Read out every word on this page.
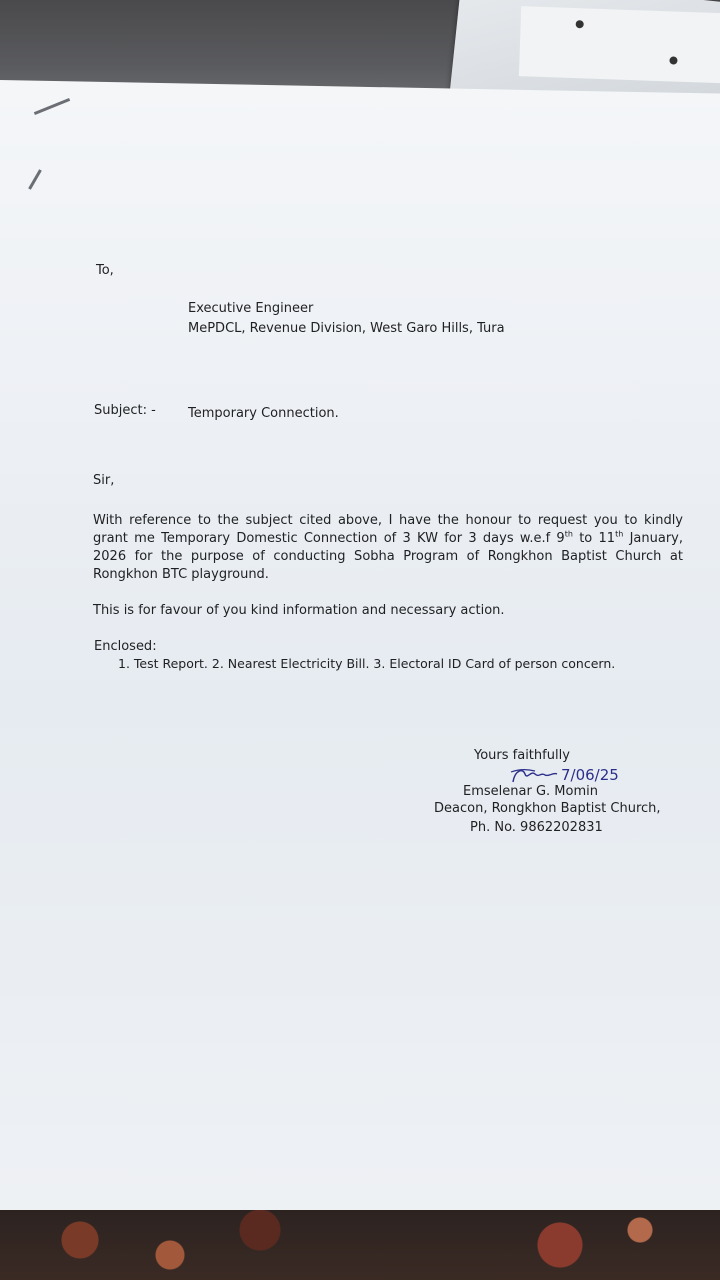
To,
Executive Engineer
MePDCL, Revenue Division, West Garo Hills, Tura
Subject: - Temporary Connection.
Sir,
With reference to the subject cited above, I have the honour to request you to kindly grant me Temporary Domestic Connection of 3 KW for 3 days w.e.f 9th to 11th January, 2026 for the purpose of conducting Sobha Program of Rongkhon Baptist Church at Rongkhon BTC playground.
This is for favour of you kind information and necessary action.
Enclosed:
1. Test Report. 2. Nearest Electricity Bill. 3. Electoral ID Card of person concern.
Yours faithfully
7/06/25
Emselenar G. Momin
Deacon, Rongkhon Baptist Church,
Ph. No. 9862202831
